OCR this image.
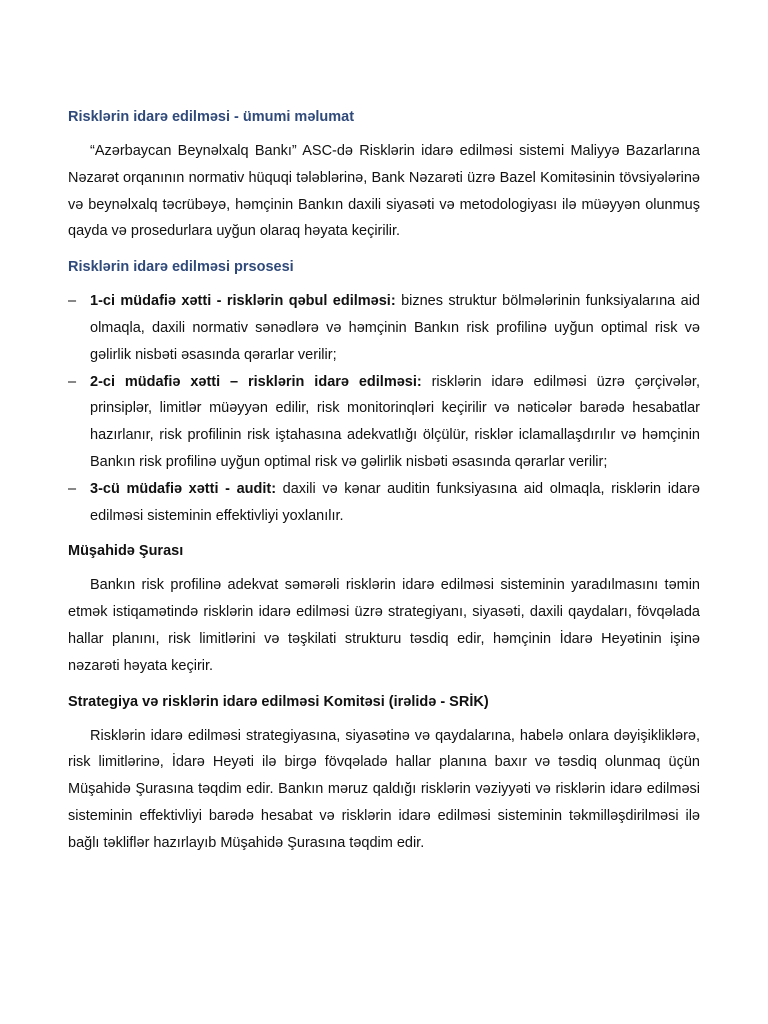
Risklərin idarə edilməsi - ümumi məlumat

“Azərbaycan Beynəlxalq Bankı” ASC-də Risklərin idarə edilməsi sistemi Maliyyə Bazarlarına Nəzarət orqanının normativ hüquqi tələblərinə, Bank Nəzarəti üzrə Bazel Komitəsinin tövsiyələrinə və beynəlxalq təcrübəyə, həmçinin Bankın daxili siyasəti və metodologiyası ilə müəyyən olunmuş qayda və prosedurlara uyğun olaraq həyata keçirilir.

Risklərin idarə edilməsi prsosesi
– 1-ci müdafiə xətti - risklərin qəbul edilməsi: biznes struktur bölmələrinin funksiyalarına aid olmaqla, daxili normativ sənədlərə və həmçinin Bankın risk profilinə uyğun optimal risk və gəlirlik nisbəti əsasında qərarlar verilir;
– 2-ci müdafiə xətti – risklərin idarə edilməsi: risklərin idarə edilməsi üzrə çərçivələr, prinsiplər, limitlər müəyyən edilir, risk monitorinqləri keçirilir və nəticələr barədə hesabatlar hazırlanır, risk profilinin risk iştahasına adekvatlığı ölçülür, risklər iclamallaşdırılır və həmçinin Bankın risk profilinə uyğun optimal risk və gəlirlik nisbəti əsasında qərarlar verilir;
– 3-cü müdafiə xətti - audit: daxili və kənar auditin funksiyasına aid olmaqla, risklərin idarə edilməsi sisteminin effektivliyi yoxlanılır.
Müşahidə Şurası

Bankın risk profilinə adekvat səmərəli risklərin idarə edilməsi sisteminin yaradılmasını təmin etmək istiqamətində risklərin idarə edilməsi üzrə strategiyanı, siyasəti, daxili qaydaları, fövqəlada hallar planını, risk limitlərini və təşkilati strukturu təsdiq edir, həmçinin İdarə Heyətinin işinə nəzarəti həyata keçirir.

Strategiya və risklərin idarə edilməsi Komitəsi (irəlidə - SRİK)

Risklərin idarə edilməsi strategiyasına, siyasətinə və qaydalarına, habelə onlara dəyişikliklərə, risk limitlərinə, İdarə Heyəti ilə birgə fövqəladə hallar planına baxır və təsdiq olunmaq üçün Müşahidə Şurasına təqdim edir. Bankın məruz qaldığı risklərin vəziyyəti və risklərin idarə edilməsi sisteminin effektivliyi barədə hesabat və risklərin idarə edilməsi sisteminin təkmilləşdirilməsi ilə bağlı təkliflər hazırlayıb Müşahidə Şurasına təqdim edir.
